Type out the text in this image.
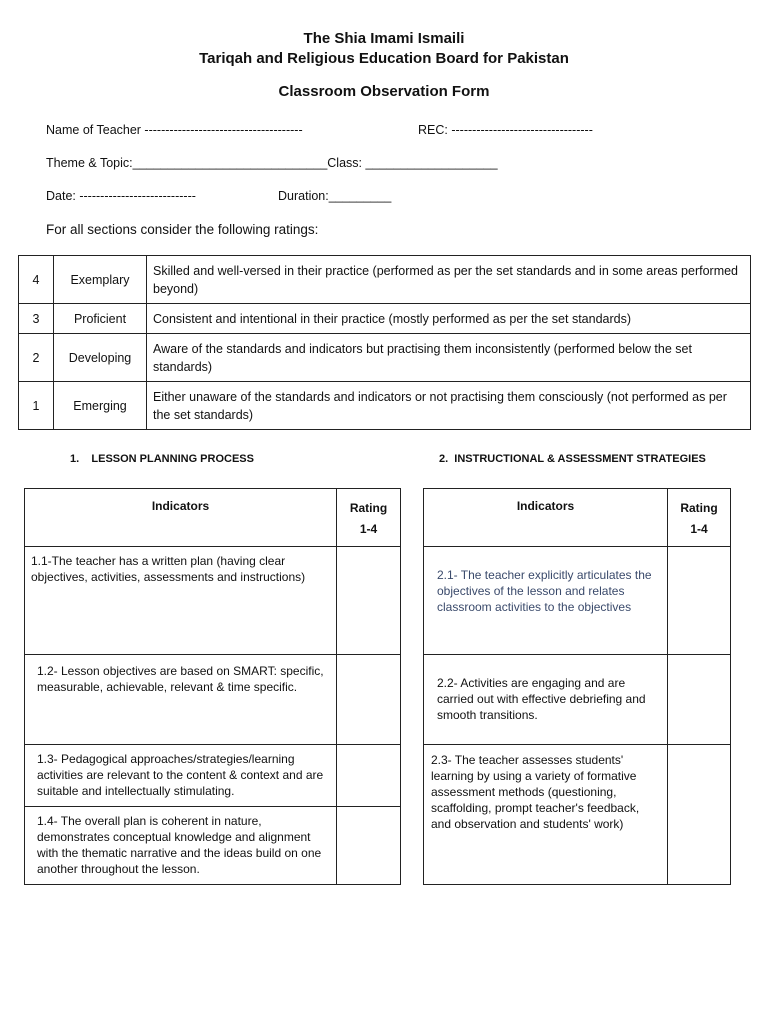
The Shia Imami Ismaili
Tariqah and Religious Education Board for Pakistan
Classroom Observation Form
Name of Teacher --------------------------------------	REC: ----------------------------------
Theme & Topic:____________________________Class: ___________________
Date: ----------------------------	Duration:_________
For all sections consider the following ratings:
4	Exemplary	Skilled and well-versed in their practice (performed as per the set standards and in some areas performed beyond)
3	Proficient	Consistent and intentional in their practice (mostly performed as per the set standards)
2	Developing	Aware of the standards and indicators but practising them inconsistently (performed below the set standards)
1	Emerging	Either unaware of the standards and indicators or not practising them consciously (not performed as per the set standards)
1.    LESSON PLANNING PROCESS	2.  INSTRUCTIONAL & ASSESSMENT STRATEGIES
Indicators	Rating
1-4
1.1-The teacher has a written plan (having clear objectives, activities, assessments and instructions)	
1.2- Lesson objectives are based on SMART: specific, measurable, achievable, relevant & time specific.	
1.3- Pedagogical approaches/strategies/learning activities are relevant to the content & context and are suitable and intellectually stimulating.	
1.4- The overall plan is coherent in nature, demonstrates conceptual knowledge and alignment with the thematic narrative and the ideas build on one another throughout the lesson.	
Indicators	Rating
1-4
2.1- The teacher explicitly articulates the objectives of the lesson and relates classroom activities to the objectives	
2.2- Activities are engaging and are carried out with effective debriefing and smooth transitions.	
2.3- The teacher assesses students' learning by using a variety of formative assessment methods (questioning, scaffolding, prompt teacher's feedback, and observation and students' work)	
